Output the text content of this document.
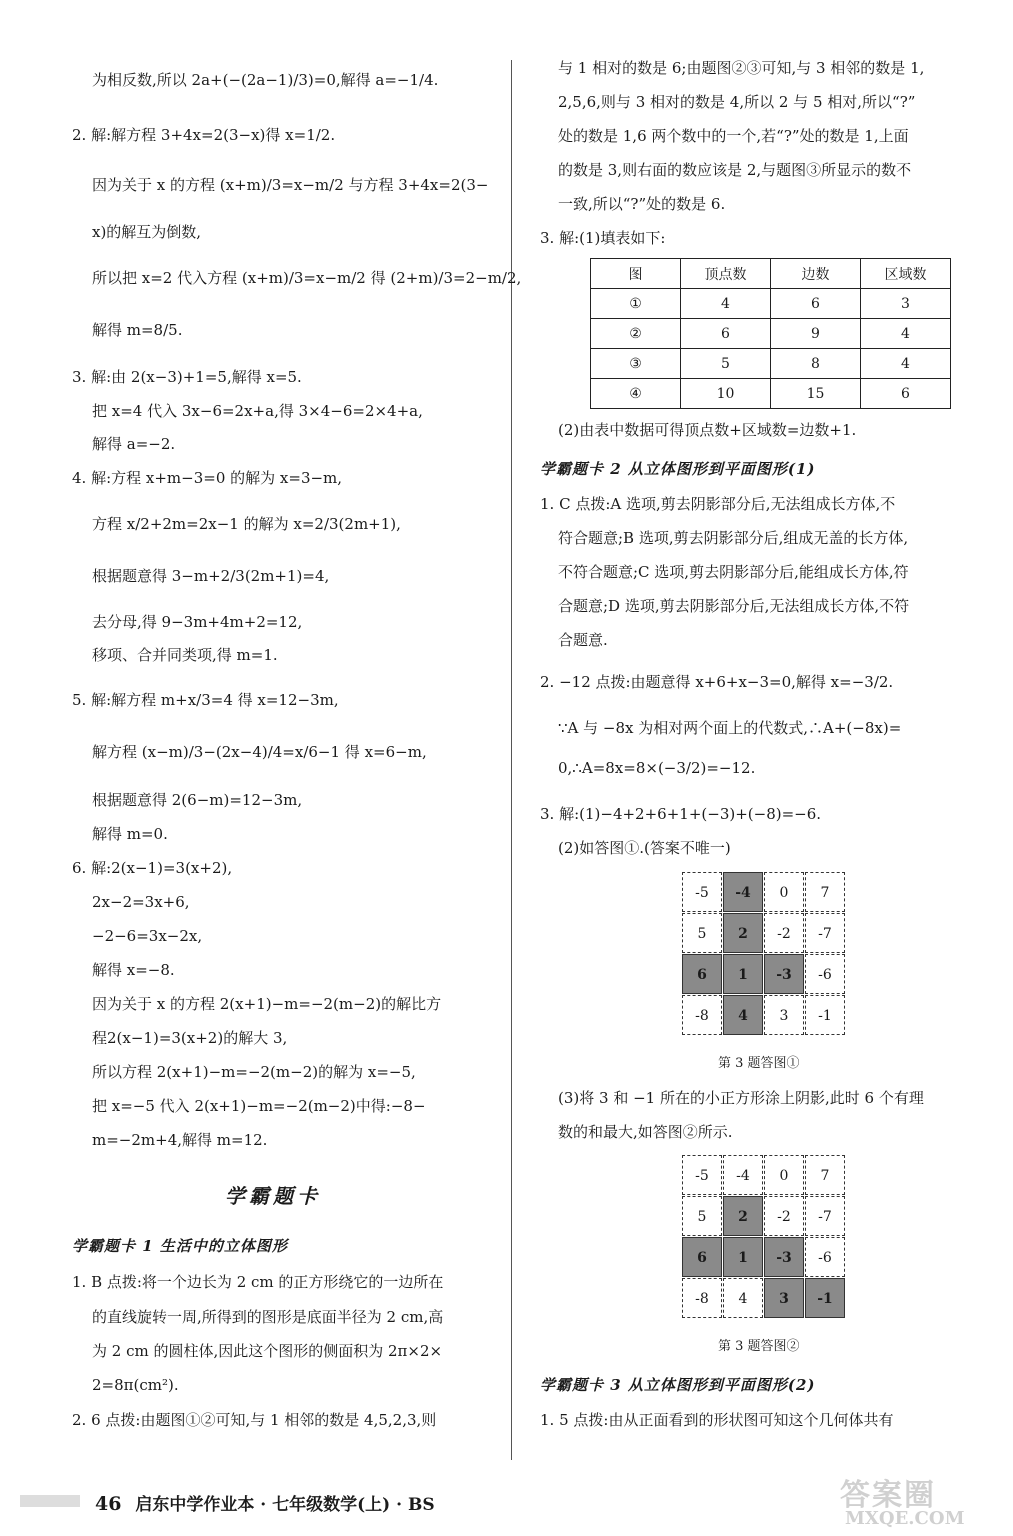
为相反数,所以 2a+(−(2a−1)/3)=0,解得 a=−1/4.
2. 解:解方程 3+4x=2(3−x)得 x=1/2.
因为关于 x 的方程 (x+m)/3=x−m/2 与方程 3+4x=2(3−
x)的解互为倒数,
所以把 x=2 代入方程 (x+m)/3=x−m/2 得 (2+m)/3=2−m/2,
解得 m=8/5.
3. 解:由 2(x−3)+1=5,解得 x=5.
把 x=4 代入 3x−6=2x+a,得 3×4−6=2×4+a,
解得 a=−2.
4. 解:方程 x+m−3=0 的解为 x=3−m,
方程 x/2+2m=2x−1 的解为 x=2/3(2m+1),
根据题意得 3−m+2/3(2m+1)=4,
去分母,得 9−3m+4m+2=12,
移项、合并同类项,得 m=1.
5. 解:解方程 m+x/3=4 得 x=12−3m,
解方程 (x−m)/3−(2x−4)/4=x/6−1 得 x=6−m,
根据题意得 2(6−m)=12−3m,
解得 m=0.
6. 解:2(x−1)=3(x+2),
2x−2=3x+6,
−2−6=3x−2x,
解得 x=−8.
因为关于 x 的方程 2(x+1)−m=−2(m−2)的解比方
程2(x−1)=3(x+2)的解大 3,
所以方程 2(x+1)−m=−2(m−2)的解为 x=−5,
把 x=−5 代入 2(x+1)−m=−2(m−2)中得:−8−
m=−2m+4,解得 m=12.
学霸题卡
学霸题卡 1 生活中的立体图形
1. B 点拨:将一个边长为 2 cm 的正方形绕它的一边所在
的直线旋转一周,所得到的图形是底面半径为 2 cm,高
为 2 cm 的圆柱体,因此这个图形的侧面积为 2π×2×
2=8π(cm²).
2. 6 点拨:由题图①②可知,与 1 相邻的数是 4,5,2,3,则
与 1 相对的数是 6;由题图②③可知,与 3 相邻的数是 1,
2,5,6,则与 3 相对的数是 4,所以 2 与 5 相对,所以“?”
处的数是 1,6 两个数中的一个,若“?”处的数是 1,上面
的数是 3,则右面的数应该是 2,与题图③所显示的数不
一致,所以“?”处的数是 6.
3. 解:(1)填表如下:
图	顶点数	边数	区域数
①	4	6	3
②	6	9	4
③	5	8	4
④	10	15	6
(2)由表中数据可得顶点数+区域数=边数+1.
学霸题卡 2 从立体图形到平面图形(1)
1. C 点拨:A 选项,剪去阴影部分后,无法组成长方体,不
符合题意;B 选项,剪去阴影部分后,组成无盖的长方体,
不符合题意;C 选项,剪去阴影部分后,能组成长方体,符
合题意;D 选项,剪去阴影部分后,无法组成长方体,不符
合题意.
2. −12 点拨:由题意得 x+6+x−3=0,解得 x=−3/2.
∵A 与 −8x 为相对两个面上的代数式,∴A+(−8x)=
0,∴A=8x=8×(−3/2)=−12.
3. 解:(1)−4+2+6+1+(−3)+(−8)=−6.
(2)如答图①.(答案不唯一)
-5	-4	0	7
5	2	-2	-7
6	1	-3	-6
-8	4	3	-1
第 3 题答图①
(3)将 3 和 −1 所在的小正方形涂上阴影,此时 6 个有理
数的和最大,如答图②所示.
-5	-4	0	7
5	2	-2	-7
6	1	-3	-6
-8	4	3	-1
第 3 题答图②
学霸题卡 3 从立体图形到平面图形(2)
1. 5 点拨:由从正面看到的形状图可知这个几何体共有
46 启东中学作业本 · 七年级数学(上) · BS	答案圈
MXQE.COM
